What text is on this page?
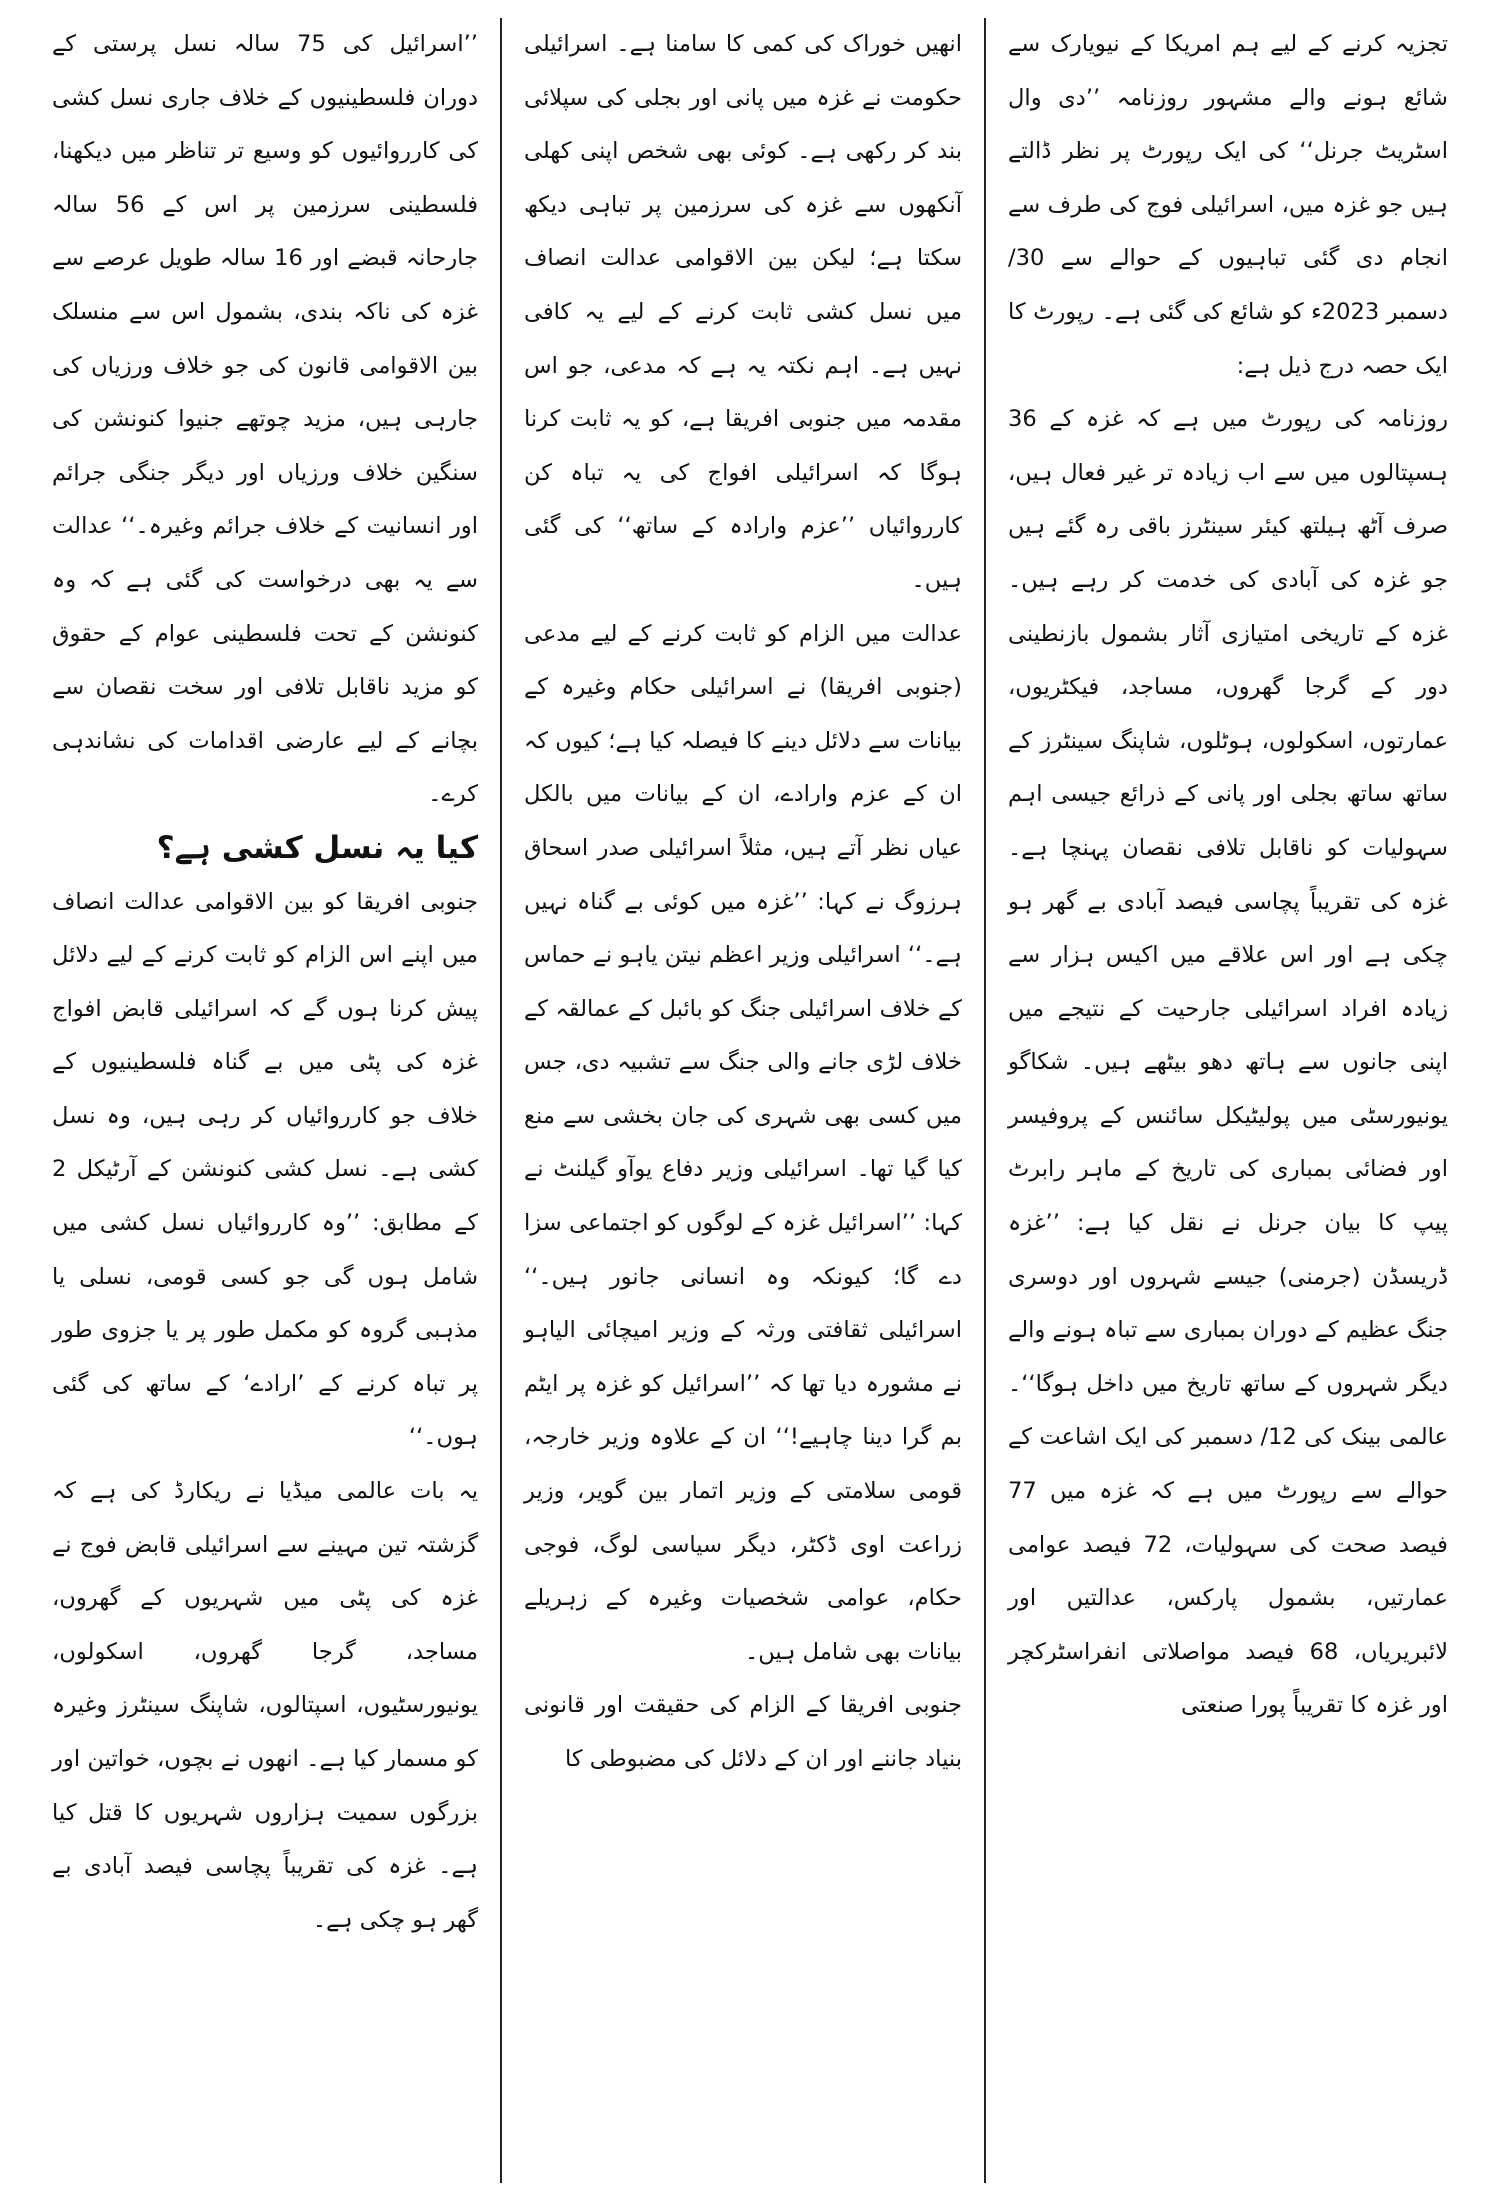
’’اسرائیل کی 75 سالہ نسل پرستی کے دوران فلسطینیوں کے خلاف جاری نسل کشی کی کارروائیوں کو وسیع تر تناظر میں دیکھنا، فلسطینی سرزمین پر اس کے 56 سالہ جارحانہ قبضے اور 16 سالہ طویل عرصے سے غزہ کی ناکہ بندی، بشمول اس سے منسلک بین الاقوامی قانون کی جو خلاف ورزیاں کی جارہی ہیں، مزید چوتھے جنیوا کنونشن کی سنگین خلاف ورزیاں اور دیگر جنگی جرائم اور انسانیت کے خلاف جرائم وغیرہ۔‘‘ عدالت سے یہ بھی درخواست کی گئی ہے کہ وہ کنونشن کے تحت فلسطینی عوام کے حقوق کو مزید ناقابل تلافی اور سخت نقصان سے بچانے کے لیے عارضی اقدامات کی نشاندہی کرے۔

کیا یہ نسل کشی ہے؟

جنوبی افریقا کو بین الاقوامی عدالت انصاف میں اپنے اس الزام کو ثابت کرنے کے لیے دلائل پیش کرنا ہوں گے کہ اسرائیلی قابض افواج غزہ کی پٹی میں بے گناہ فلسطینیوں کے خلاف جو کارروائیاں کر رہی ہیں، وہ نسل کشی ہے۔ نسل کشی کنونشن کے آرٹیکل 2 کے مطابق: ’’وہ کارروائیاں نسل کشی میں شامل ہوں گی جو کسی قومی، نسلی یا مذہبی گروہ کو مکمل طور پر یا جزوی طور پر تباہ کرنے کے ’ارادے‘ کے ساتھ کی گئی ہوں۔‘‘

یہ بات عالمی میڈیا نے ریکارڈ کی ہے کہ گزشتہ تین مہینے سے اسرائیلی قابض فوج نے غزہ کی پٹی میں شہریوں کے گھروں، مساجد، گرجا گھروں، اسکولوں، یونیورسٹیوں، اسپتالوں، شاپنگ سینٹرز وغیرہ کو مسمار کیا ہے۔ انھوں نے بچوں، خواتین اور بزرگوں سمیت ہزاروں شہریوں کا قتل کیا ہے۔ غزہ کی تقریباً پچاسی فیصد آبادی بے گھر ہو چکی ہے۔

انھیں خوراک کی کمی کا سامنا ہے۔ اسرائیلی حکومت نے غزہ میں پانی اور بجلی کی سپلائی بند کر رکھی ہے۔ کوئی بھی شخص اپنی کھلی آنکھوں سے غزہ کی سرزمین پر تباہی دیکھ سکتا ہے؛ لیکن بین الاقوامی عدالت انصاف میں نسل کشی ثابت کرنے کے لیے یہ کافی نہیں ہے۔ اہم نکتہ یہ ہے کہ مدعی، جو اس مقدمہ میں جنوبی افریقا ہے، کو یہ ثابت کرنا ہوگا کہ اسرائیلی افواج کی یہ تباہ کن کارروائیاں ’’عزم وارادہ کے ساتھ‘‘ کی گئی ہیں۔

عدالت میں الزام کو ثابت کرنے کے لیے مدعی (جنوبی افریقا) نے اسرائیلی حکام وغیرہ کے بیانات سے دلائل دینے کا فیصلہ کیا ہے؛ کیوں کہ ان کے عزم وارادے، ان کے بیانات میں بالکل عیاں نظر آتے ہیں، مثلاً اسرائیلی صدر اسحاق ہرزوگ نے کہا: ’’غزہ میں کوئی بے گناہ نہیں ہے۔‘‘ اسرائیلی وزیر اعظم نیتن یاہو نے حماس کے خلاف اسرائیلی جنگ کو بائبل کے عمالقہ کے خلاف لڑی جانے والی جنگ سے تشبیہ دی، جس میں کسی بھی شہری کی جان بخشی سے منع کیا گیا تھا۔ اسرائیلی وزیر دفاع یوآو گیلنٹ نے کہا: ’’اسرائیل غزہ کے لوگوں کو اجتماعی سزا دے گا؛ کیونکہ وہ انسانی جانور ہیں۔‘‘ اسرائیلی ثقافتی ورثہ کے وزیر امیچائی الیاہو نے مشورہ دیا تھا کہ ’’اسرائیل کو غزہ پر ایٹم بم گرا دینا چاہیے!‘‘ ان کے علاوہ وزیر خارجہ، قومی سلامتی کے وزیر اتمار بین گویر، وزیر زراعت اوی ڈکٹر، دیگر سیاسی لوگ، فوجی حکام، عوامی شخصیات وغیرہ کے زہریلے بیانات بھی شامل ہیں۔

جنوبی افریقا کے الزام کی حقیقت اور قانونی بنیاد جاننے اور ان کے دلائل کی مضبوطی کا

تجزیہ کرنے کے لیے ہم امریکا کے نیویارک سے شائع ہونے والے مشہور روزنامہ ’’دی وال اسٹریٹ جرنل‘‘ کی ایک رپورٹ پر نظر ڈالتے ہیں جو غزہ میں، اسرائیلی فوج کی طرف سے انجام دی گئی تباہیوں کے حوالے سے 30/ دسمبر 2023ء کو شائع کی گئی ہے۔ رپورٹ کا ایک حصہ درج ذیل ہے:

روزنامہ کی رپورٹ میں ہے کہ غزہ کے 36 ہسپتالوں میں سے اب زیادہ تر غیر فعال ہیں، صرف آٹھ ہیلتھ کیئر سینٹرز باقی رہ گئے ہیں جو غزہ کی آبادی کی خدمت کر رہے ہیں۔ غزہ کے تاریخی امتیازی آثار بشمول بازنطینی دور کے گرجا گھروں، مساجد، فیکٹریوں، عمارتوں، اسکولوں، ہوٹلوں، شاپنگ سینٹرز کے ساتھ ساتھ بجلی اور پانی کے ذرائع جیسی اہم سہولیات کو ناقابل تلافی نقصان پہنچا ہے۔ غزہ کی تقریباً پچاسی فیصد آبادی بے گھر ہو چکی ہے اور اس علاقے میں اکیس ہزار سے زیادہ افراد اسرائیلی جارحیت کے نتیجے میں اپنی جانوں سے ہاتھ دھو بیٹھے ہیں۔ شکاگو یونیورسٹی میں پولیٹیکل سائنس کے پروفیسر اور فضائی بمباری کی تاریخ کے ماہر رابرٹ پیپ کا بیان جرنل نے نقل کیا ہے: ’’غزہ ڈریسڈن (جرمنی) جیسے شہروں اور دوسری جنگ عظیم کے دوران بمباری سے تباہ ہونے والے دیگر شہروں کے ساتھ تاریخ میں داخل ہوگا‘‘۔ عالمی بینک کی 12/ دسمبر کی ایک اشاعت کے حوالے سے رپورٹ میں ہے کہ غزہ میں 77 فیصد صحت کی سہولیات، 72 فیصد عوامی عمارتیں، بشمول پارکس، عدالتیں اور لائبریریاں، 68 فیصد مواصلاتی انفراسٹرکچر اور غزہ کا تقریباً پورا صنعتی
